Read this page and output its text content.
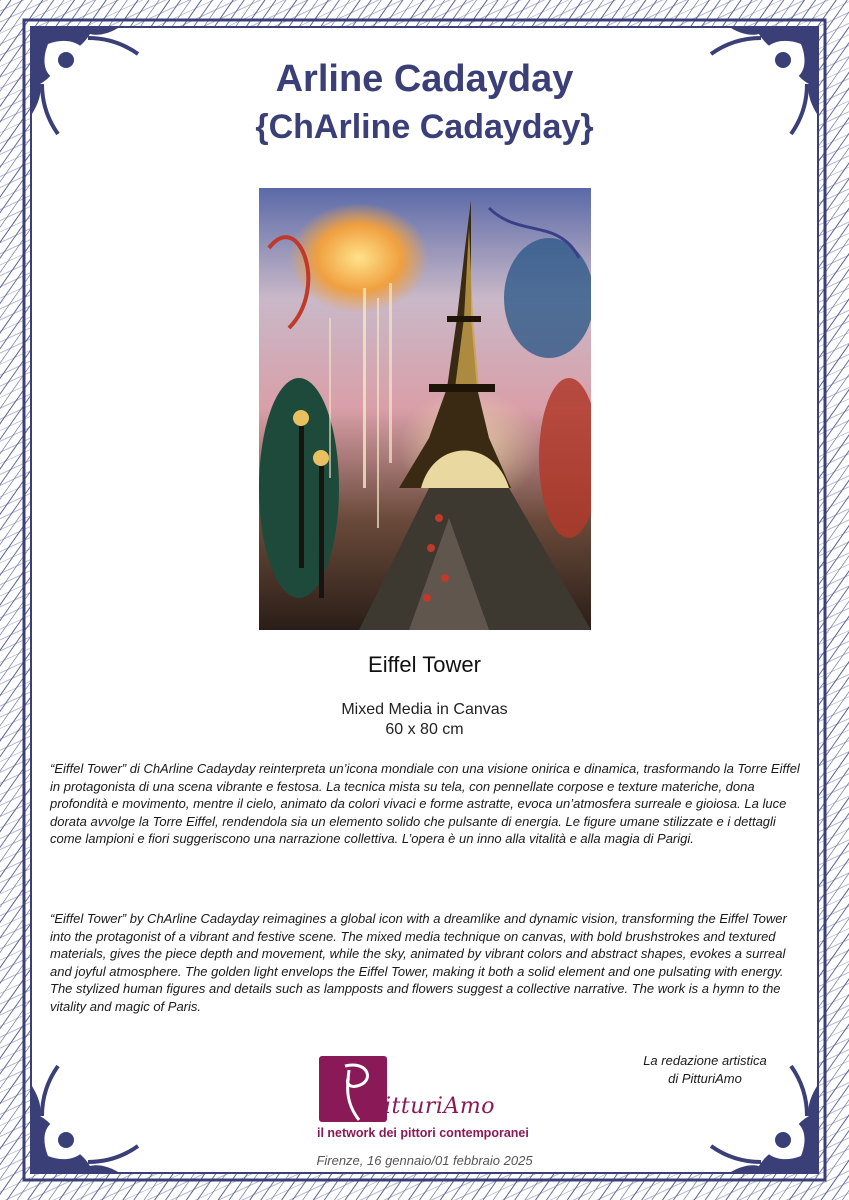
Arline Cadayday
{ChArline Cadayday}
Eiffel Tower
Mixed Media in Canvas
60 x 80 cm

“Eiffel Tower” di ChArline Cadayday reinterpreta un’icona mondiale con una visione onirica e dinamica, trasformando la Torre Eiffel in protagonista di una scena vibrante e festosa. La tecnica mista su tela, con pennellate corpose e texture materiche, dona profondità e movimento, mentre il cielo, animato da colori vivaci e forme astratte, evoca un’atmosfera surreale e gioiosa. La luce dorata avvolge la Torre Eiffel, rendendola sia un elemento solido che pulsante di energia. Le figure umane stilizzate e i dettagli come lampioni e fiori suggeriscono una narrazione collettiva. L’opera è un inno alla vitalità e alla magia di Parigi.

“Eiffel Tower” by ChArline Cadayday reimagines a global icon with a dreamlike and dynamic vision, transforming the Eiffel Tower into the protagonist of a vibrant and festive scene. The mixed media technique on canvas, with bold brushstrokes and textured materials, gives the piece depth and movement, while the sky, animated by vibrant colors and abstract shapes, evokes a surreal and joyful atmosphere. The golden light envelops the Eiffel Tower, making it both a solid element and one pulsating with energy. The stylized human figures and details such as lampposts and flowers suggest a collective narrative. The work is a hymn to the vitality and magic of Paris.

La redazione artistica
di PitturiAmo
itturiAmo
il network dei pittori contemporanei
Firenze, 16 gennaio/01 febbraio 2025
